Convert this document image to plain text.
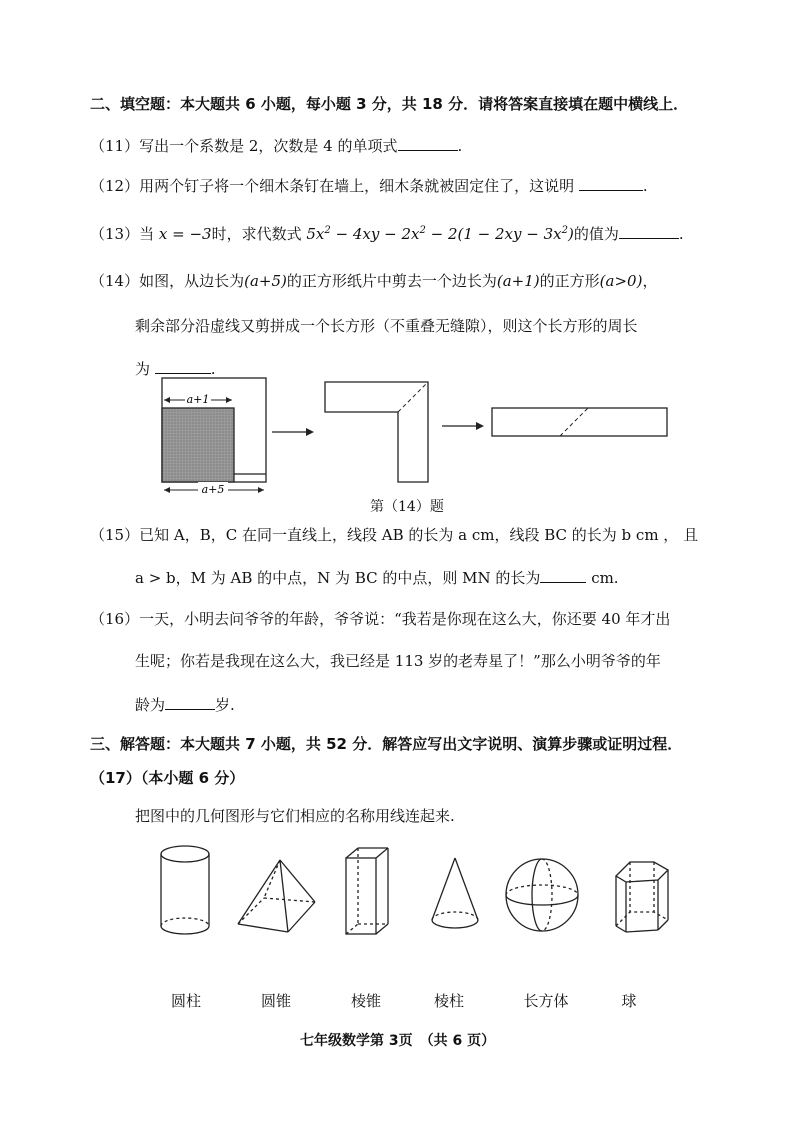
二、填空题：本大题共 6 小题，每小题 3 分，共 18 分．请将答案直接填在题中横线上．
（11）写出一个系数是 2，次数是 4 的单项式	.
（12）用两个钉子将一个细木条钉在墙上，细木条就被固定住了，这说明	.
（13）当 x = −3时，求代数式 $5x^2 - 4xy - 2x^2 - 2(1 - 2xy - 3x^2)$的值为	.
（14）如图，从边长为(a+5)的正方形纸片中剪去一个边长为(a+1)的正方形(a>0)，
剩余部分沿虚线又剪拼成一个长方形（不重叠无缝隙），则这个长方形的周长
为	.
a+1
a+5
第（14）题
（15）已知 A，B，C 在同一直线上，线段 AB 的长为 a cm，线段 BC 的长为 b cm ， 且
a > b，M 为 AB 的中点，N 为 BC 的中点，则 MN 的长为	cm.
（16）一天，小明去问爷爷的年龄，爷爷说：“我若是你现在这么大，你还要 40 年才出
生呢；你若是我现在这么大，我已经是 113 岁的老寿星了！”那么小明爷爷的年
龄为	岁.
三、解答题：本大题共 7 小题，共 52 分．解答应写出文字说明、演算步骤或证明过程．
（17）（本小题 6 分）
把图中的几何图形与它们相应的名称用线连起来.
圆柱	圆锥	棱锥	棱柱	长方体	球
七年级数学第 3页　（共 6 页）
